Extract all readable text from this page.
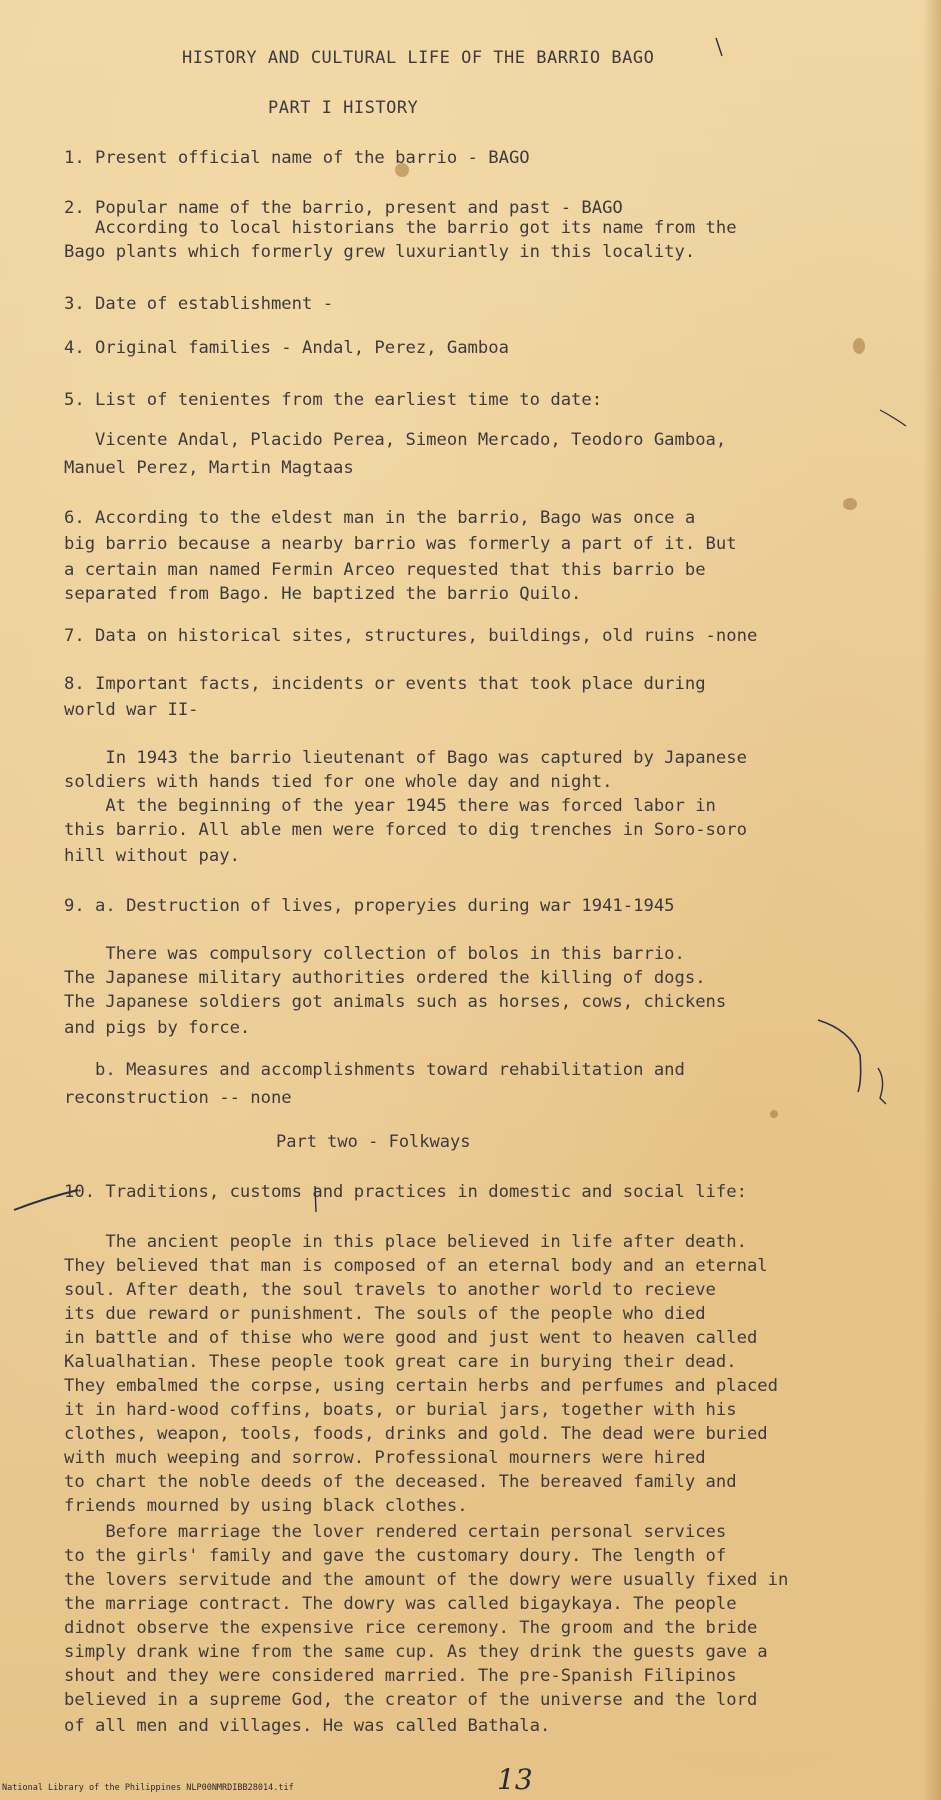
HISTORY AND CULTURAL LIFE OF THE BARRIO BAGO
PART I HISTORY
1. Present official name of the barrio - BAGO
2. Popular name of the barrio, present and past - BAGO
According to local historians the barrio got its name from the
Bago plants which formerly grew luxuriantly in this locality.
3. Date of establishment -
4. Original families - Andal, Perez, Gamboa
5. List of tenientes from the earliest time to date:
Vicente Andal, Placido Perea, Simeon Mercado, Teodoro Gamboa,
Manuel Perez, Martin Magtaas
6. According to the eldest man in the barrio, Bago was once a
big barrio because a nearby barrio was formerly a part of it. But
a certain man named Fermin Arceo requested that this barrio be
separated from Bago. He baptized the barrio Quilo.
7. Data on historical sites, structures, buildings, old ruins -none
8. Important facts, incidents or events that took place during
world war II-
In 1943 the barrio lieutenant of Bago was captured by Japanese
soldiers with hands tied for one whole day and night.
At the beginning of the year 1945 there was forced labor in
this barrio. All able men were forced to dig trenches in Soro-soro
hill without pay.
9. a. Destruction of lives, properyies during war 1941-1945
There was compulsory collection of bolos in this barrio.
The Japanese military authorities ordered the killing of dogs.
The Japanese soldiers got animals such as horses, cows, chickens
and pigs by force.
b. Measures and accomplishments toward rehabilitation and
reconstruction -- none
Part two - Folkways
10. Traditions, customs and practices in domestic and social life:
The ancient people in this place believed in life after death.
They believed that man is composed of an eternal body and an eternal
soul. After death, the soul travels to another world to recieve
its due reward or punishment. The souls of the people who died
in battle and of thise who were good and just went to heaven called
Kalualhatian. These people took great care in burying their dead.
They embalmed the corpse, using certain herbs and perfumes and placed
it in hard-wood coffins, boats, or burial jars, together with his
clothes, weapon, tools, foods, drinks and gold. The dead were buried
with much weeping and sorrow. Professional mourners were hired
to chart the noble deeds of the deceased. The bereaved family and
friends mourned by using black clothes.
Before marriage the lover rendered certain personal services
to the girls' family and gave the customary doury. The length of
the lovers servitude and the amount of the dowry were usually fixed in
the marriage contract. The dowry was called bigaykaya. The people
didnot observe the expensive rice ceremony. The groom and the bride
simply drank wine from the same cup. As they drink the guests gave a
shout and they were considered married. The pre-Spanish Filipinos
believed in a supreme God, the creator of the universe and the lord
of all men and villages. He was called Bathala.
National Library of the Philippines NLP00NMRDIBB28014.tif	13
